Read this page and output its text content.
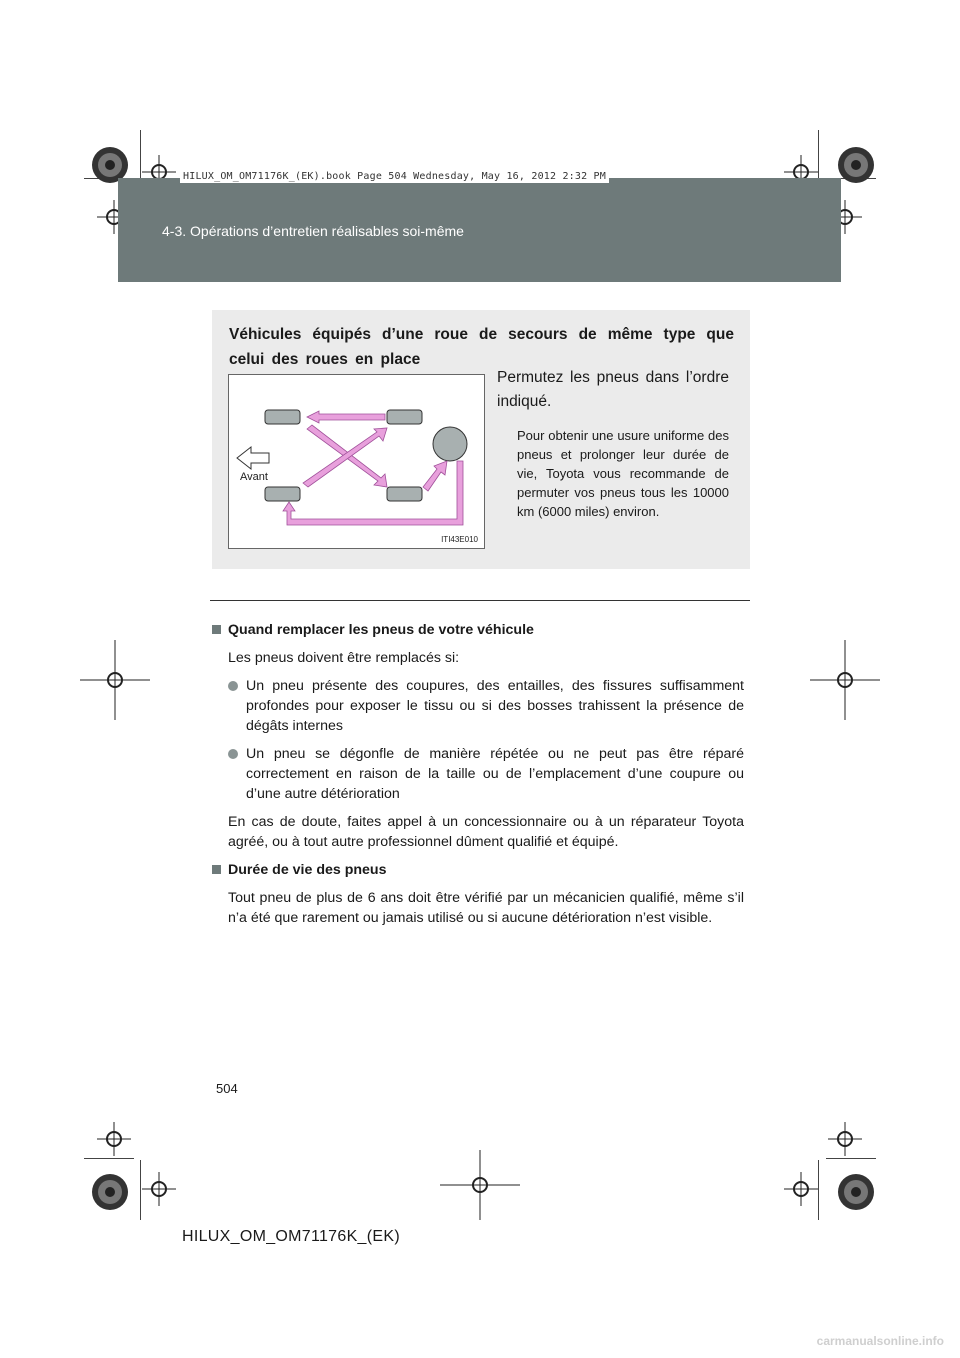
4-3. Opérations d’entretien réalisables soi-même
HILUX_OM_OM71176K_(EK).book Page 504 Wednesday, May 16, 2012 2:32 PM
Véhicules équipés d’une roue de secours de même type que celui des roues en place
Avant
ITI43E010
Permutez les pneus dans l’ordre indiqué.
Pour obtenir une usure uniforme des pneus et prolonger leur durée de vie, Toyota vous recommande de permuter vos pneus tous les 10000 km (6000 miles) environ.
Quand remplacer les pneus de votre véhicule
Les pneus doivent être remplacés si:
Un pneu présente des coupures, des entailles, des fissures suffisamment profondes pour exposer le tissu ou si des bosses trahissent la présence de dégâts internes
Un pneu se dégonfle de manière répétée ou ne peut pas être réparé correctement en raison de la taille ou de l’emplacement d’une coupure ou d’une autre détérioration
En cas de doute, faites appel à un concessionnaire ou à un réparateur Toyota agréé, ou à tout autre professionnel dûment qualifié et équipé.
Durée de vie des pneus
Tout pneu de plus de 6 ans doit être vérifié par un mécanicien qualifié, même s’il n’a été que rarement ou jamais utilisé ou si aucune détérioration n’est visible.
504
HILUX_OM_OM71176K_(EK)
carmanualsonline.info
